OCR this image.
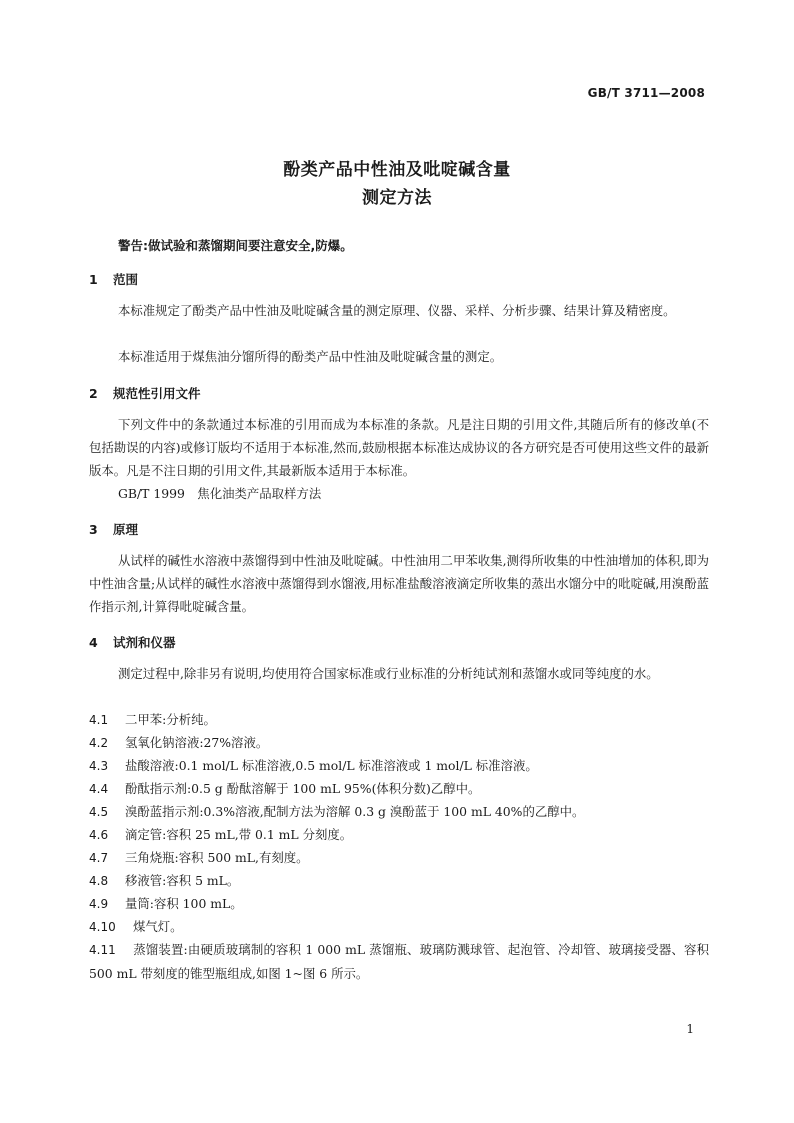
GB/T 3711—2008
酚类产品中性油及吡啶碱含量
测定方法
警告:做试验和蒸馏期间要注意安全,防爆。
1 范围
本标准规定了酚类产品中性油及吡啶碱含量的测定原理、仪器、采样、分析步骤、结果计算及精密度。
本标准适用于煤焦油分馏所得的酚类产品中性油及吡啶碱含量的测定。
2 规范性引用文件
下列文件中的条款通过本标准的引用而成为本标准的条款。凡是注日期的引用文件,其随后所有的修改单(不包括勘误的内容)或修订版均不适用于本标准,然而,鼓励根据本标准达成协议的各方研究是否可使用这些文件的最新版本。凡是不注日期的引用文件,其最新版本适用于本标准。
GB/T 1999　焦化油类产品取样方法
3 原理
从试样的碱性水溶液中蒸馏得到中性油及吡啶碱。中性油用二甲苯收集,测得所收集的中性油增加的体积,即为中性油含量;从试样的碱性水溶液中蒸馏得到水馏液,用标准盐酸溶液滴定所收集的蒸出水馏分中的吡啶碱,用溴酚蓝作指示剂,计算得吡啶碱含量。
4 试剂和仪器
测定过程中,除非另有说明,均使用符合国家标准或行业标准的分析纯试剂和蒸馏水或同等纯度的水。
4.1 二甲苯:分析纯。
4.2 氢氧化钠溶液:27%溶液。
4.3 盐酸溶液:0.1 mol/L 标准溶液,0.5 mol/L 标准溶液或 1 mol/L 标准溶液。
4.4 酚酞指示剂:0.5 g 酚酞溶解于 100 mL 95%(体积分数)乙醇中。
4.5 溴酚蓝指示剂:0.3%溶液,配制方法为溶解 0.3 g 溴酚蓝于 100 mL 40%的乙醇中。
4.6 滴定管:容积 25 mL,带 0.1 mL 分刻度。
4.7 三角烧瓶:容积 500 mL,有刻度。
4.8 移液管:容积 5 mL。
4.9 量筒:容积 100 mL。
4.10 煤气灯。
4.11 蒸馏装置:由硬质玻璃制的容积 1 000 mL 蒸馏瓶、玻璃防溅球管、起泡管、冷却管、玻璃接受器、容积 500 mL 带刻度的锥型瓶组成,如图 1~图 6 所示。
1
